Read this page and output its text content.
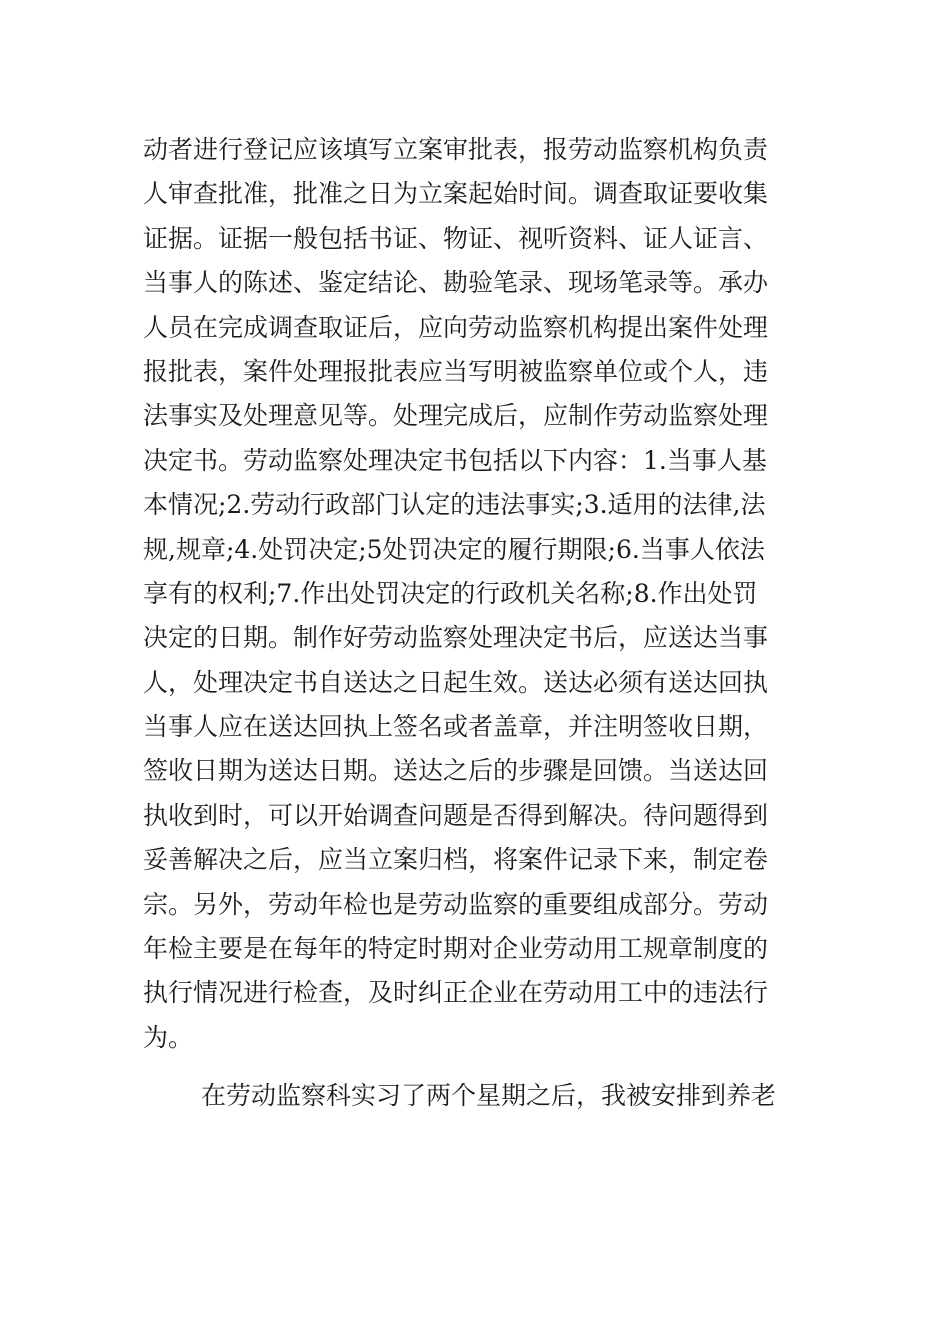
动者进行登记应该填写立案审批表，报劳动监察机构负责
人审查批准，批准之日为立案起始时间。调查取证要收集
证据。证据一般包括书证、物证、视听资料、证人证言、
当事人的陈述、鉴定结论、勘验笔录、现场笔录等。承办
人员在完成调查取证后，应向劳动监察机构提出案件处理
报批表，案件处理报批表应当写明被监察单位或个人，违
法事实及处理意见等。处理完成后，应制作劳动监察处理
决定书。劳动监察处理决定书包括以下内容：1.当事人基
本情况;2.劳动行政部门认定的违法事实;3.适用的法律,法
规,规章;4.处罚决定;5处罚决定的履行期限;6.当事人依法
享有的权利;7.作出处罚决定的行政机关名称;8.作出处罚
决定的日期。制作好劳动监察处理决定书后，应送达当事
人，处理决定书自送达之日起生效。送达必须有送达回执
当事人应在送达回执上签名或者盖章，并注明签收日期，
签收日期为送达日期。送达之后的步骤是回馈。当送达回
执收到时，可以开始调查问题是否得到解决。待问题得到
妥善解决之后，应当立案归档，将案件记录下来，制定卷
宗。另外，劳动年检也是劳动监察的重要组成部分。劳动
年检主要是在每年的特定时期对企业劳动用工规章制度的
执行情况进行检查，及时纠正企业在劳动用工中的违法行
为。
在劳动监察科实习了两个星期之后，我被安排到养老
